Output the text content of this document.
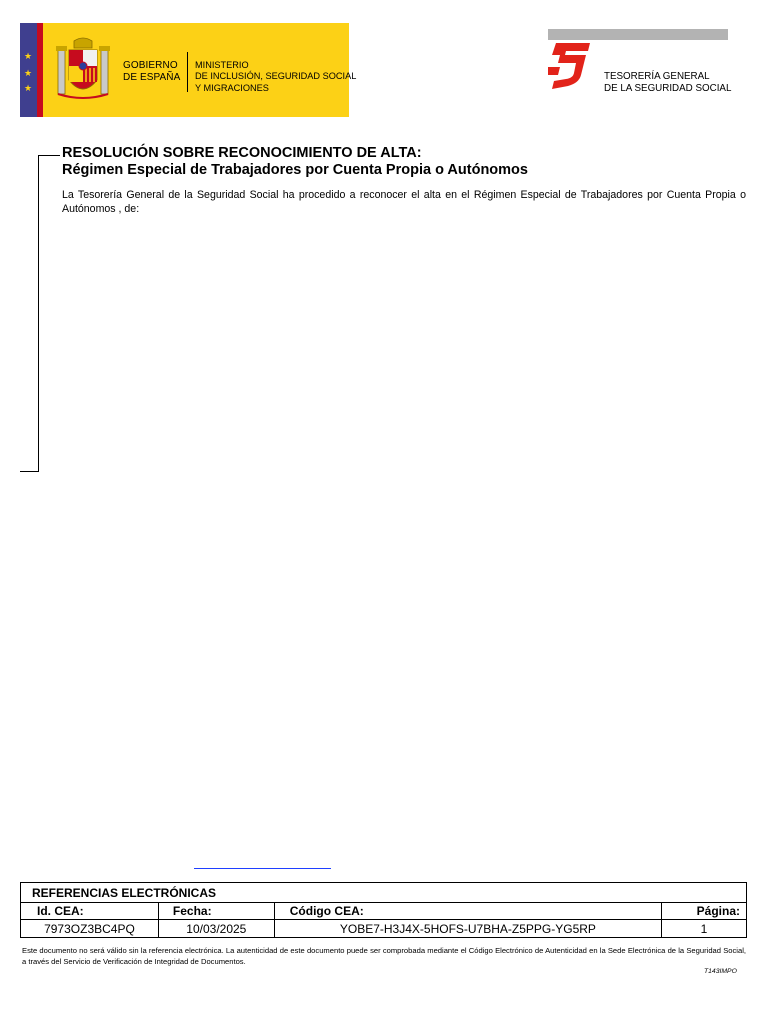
★
★
★
GOBIERNO
DE ESPAÑA
MINISTERIO
DE INCLUSIÓN, SEGURIDAD SOCIAL
Y MIGRACIONES
TESORERÍA GENERAL
DE LA SEGURIDAD SOCIAL
RESOLUCIÓN SOBRE RECONOCIMIENTO DE ALTA:
Régimen Especial de Trabajadores por Cuenta Propia o Autónomos
La Tesorería General de la Seguridad Social ha procedido a reconocer el alta en el Régimen Especial de Trabajadores por Cuenta Propia o Autónomos , de:
REFERENCIAS ELECTRÓNICAS			
Id. CEA:	Fecha:	Código CEA:	Página:
7973OZ3BC4PQ	10/03/2025	YOBE7-H3J4X-5HOFS-U7BHA-Z5PPG-YG5RP	1
Este documento no será válido sin la referencia electrónica. La autenticidad de este documento puede ser comprobada mediante el Código Electrónico de Autenticidad en la Sede Electrónica de la Seguridad Social, a través del Servicio de Verificación de Integridad de Documentos.
T143IMPO
